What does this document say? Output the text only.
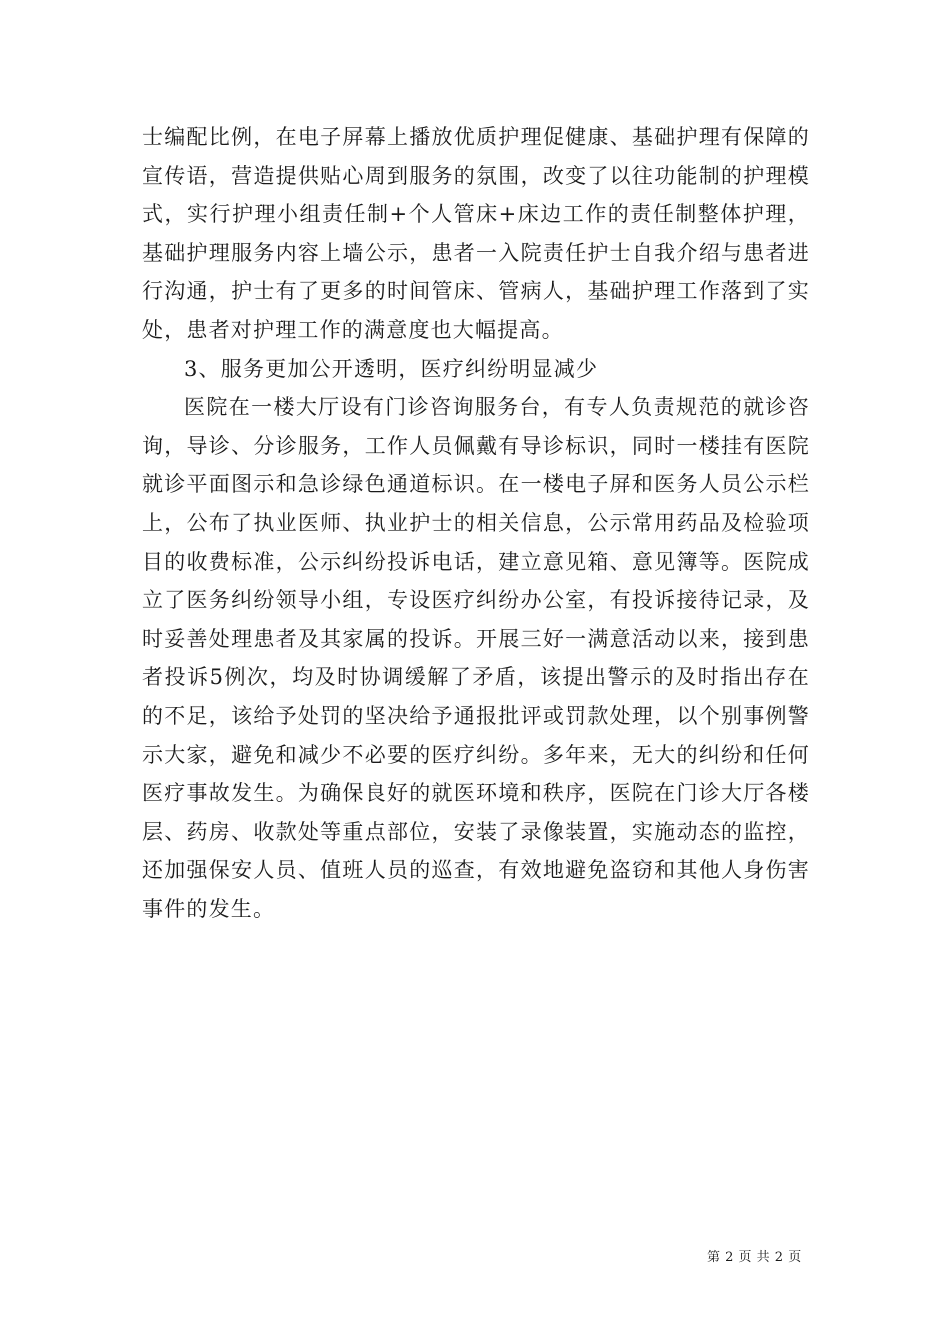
士编配比例，在电子屏幕上播放优质护理促健康、基础护理有保障的宣传语，营造提供贴心周到服务的氛围，改变了以往功能制的护理模式，实行护理小组责任制+个人管床+床边工作的责任制整体护理，基础护理服务内容上墙公示，患者一入院责任护士自我介绍与患者进行沟通，护士有了更多的时间管床、管病人，基础护理工作落到了实处，患者对护理工作的满意度也大幅提高。

3、服务更加公开透明，医疗纠纷明显减少

医院在一楼大厅设有门诊咨询服务台，有专人负责规范的就诊咨询，导诊、分诊服务，工作人员佩戴有导诊标识，同时一楼挂有医院就诊平面图示和急诊绿色通道标识。在一楼电子屏和医务人员公示栏上，公布了执业医师、执业护士的相关信息，公示常用药品及检验项目的收费标准，公示纠纷投诉电话，建立意见箱、意见簿等。医院成立了医务纠纷领导小组，专设医疗纠纷办公室，有投诉接待记录，及时妥善处理患者及其家属的投诉。开展三好一满意活动以来，接到患者投诉5例次，均及时协调缓解了矛盾，该提出警示的及时指出存在的不足，该给予处罚的坚决给予通报批评或罚款处理，以个别事例警示大家，避免和减少不必要的医疗纠纷。多年来，无大的纠纷和任何医疗事故发生。为确保良好的就医环境和秩序，医院在门诊大厅各楼层、药房、收款处等重点部位，安装了录像装置，实施动态的监控，还加强保安人员、值班人员的巡查，有效地避免盗窃和其他人身伤害事件的发生。

第 2 页 共 2 页
